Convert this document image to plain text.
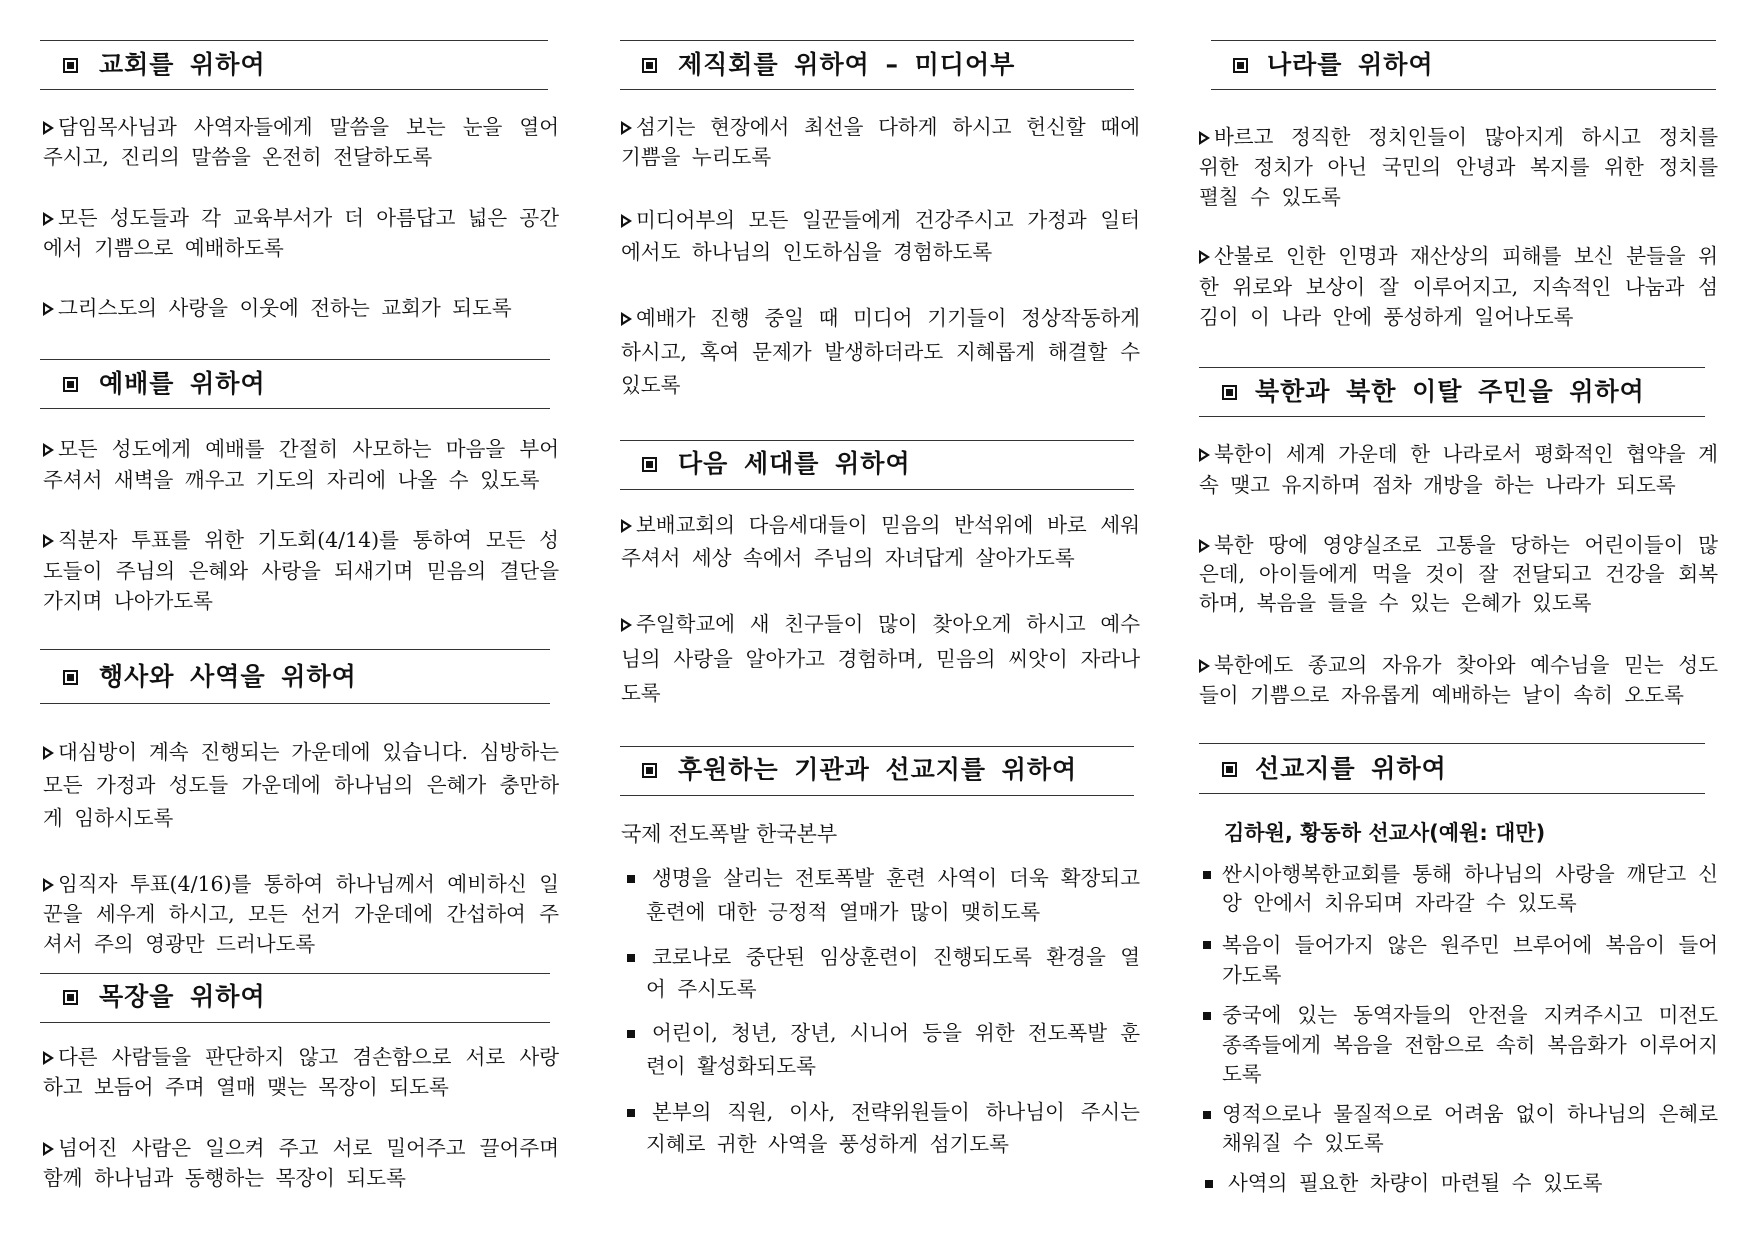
교회를 위하여
담임목사님과 사역자들에게 말씀을 보는 눈을 열어 주시고, 진리의 말씀을 온전히 전달하도록
모든 성도들과 각 교육부서가 더 아름답고 넓은 공간에서 기쁨으로 예배하도록
그리스도의 사랑을 이웃에 전하는 교회가 되도록
예배를 위하여
모든 성도에게 예배를 간절히 사모하는 마음을 부어 주셔서 새벽을 깨우고 기도의 자리에 나올 수 있도록
직분자 투표를 위한 기도회(4/14)를 통하여 모든 성도들이 주님의 은혜와 사랑을 되새기며 믿음의 결단을 가지며 나아가도록
행사와 사역을 위하여
대심방이 계속 진행되는 가운데에 있습니다. 심방하는 모든 가정과 성도들 가운데에 하나님의 은혜가 충만하게 임하시도록
임직자 투표(4/16)를 통하여 하나님께서 예비하신 일꾼을 세우게 하시고, 모든 선거 가운데에 간섭하여 주셔서 주의 영광만 드러나도록
목장을 위하여
다른 사람들을 판단하지 않고 겸손함으로 서로 사랑하고 보듬어 주며 열매 맺는 목장이 되도록
넘어진 사람은 일으켜 주고 서로 밀어주고 끌어주며 함께 하나님과 동행하는 목장이 되도록
제직회를 위하여 – 미디어부
섬기는 현장에서 최선을 다하게 하시고 헌신할 때에 기쁨을 누리도록
미디어부의 모든 일꾼들에게 건강주시고 가정과 일터에서도 하나님의 인도하심을 경험하도록
예배가 진행 중일 때 미디어 기기들이 정상작동하게 하시고, 혹여 문제가 발생하더라도 지혜롭게 해결할 수 있도록
다음 세대를 위하여
보배교회의 다음세대들이 믿음의 반석위에 바로 세워 주셔서 세상 속에서 주님의 자녀답게 살아가도록
주일학교에 새 친구들이 많이 찾아오게 하시고 예수님의 사랑을 알아가고 경험하며, 믿음의 씨앗이 자라나도록
후원하는 기관과 선교지를 위하여
국제 전도폭발 한국본부
생명을 살리는 전토폭발 훈련 사역이 더욱 확장되고 훈련에 대한 긍정적 열매가 많이 맺히도록
코로나로 중단된 임상훈련이 진행되도록 환경을 열어 주시도록
어린이, 청년, 장년, 시니어 등을 위한 전도폭발 훈련이 활성화되도록
본부의 직원, 이사, 전략위원들이 하나님이 주시는 지혜로 귀한 사역을 풍성하게 섬기도록
나라를 위하여
바르고 정직한 정치인들이 많아지게 하시고 정치를 위한 정치가 아닌 국민의 안녕과 복지를 위한 정치를 펼칠 수 있도록
산불로 인한 인명과 재산상의 피해를 보신 분들을 위한 위로와 보상이 잘 이루어지고, 지속적인 나눔과 섬김이 이 나라 안에 풍성하게 일어나도록
북한과 북한 이탈 주민을 위하여
북한이 세계 가운데 한 나라로서 평화적인 협약을 계속 맺고 유지하며 점차 개방을 하는 나라가 되도록
북한 땅에 영양실조로 고통을 당하는 어린이들이 많은데, 아이들에게 먹을 것이 잘 전달되고 건강을 회복하며, 복음을 들을 수 있는 은혜가 있도록
북한에도 종교의 자유가 찾아와 예수님을 믿는 성도들이 기쁨으로 자유롭게 예배하는 날이 속히 오도록
선교지를 위하여
김하원, 황동하 선교사(예원: 대만)
싼시아행복한교회를 통해 하나님의 사랑을 깨닫고 신앙 안에서 치유되며 자라갈 수 있도록
복음이 들어가지 않은 원주민 브루어에 복음이 들어가도록
중국에 있는 동역자들의 안전을 지켜주시고 미전도 종족들에게 복음을 전함으로 속히 복음화가 이루어지도록
영적으로나 물질적으로 어려움 없이 하나님의 은혜로 채워질 수 있도록
사역의 필요한 차량이 마련될 수 있도록
